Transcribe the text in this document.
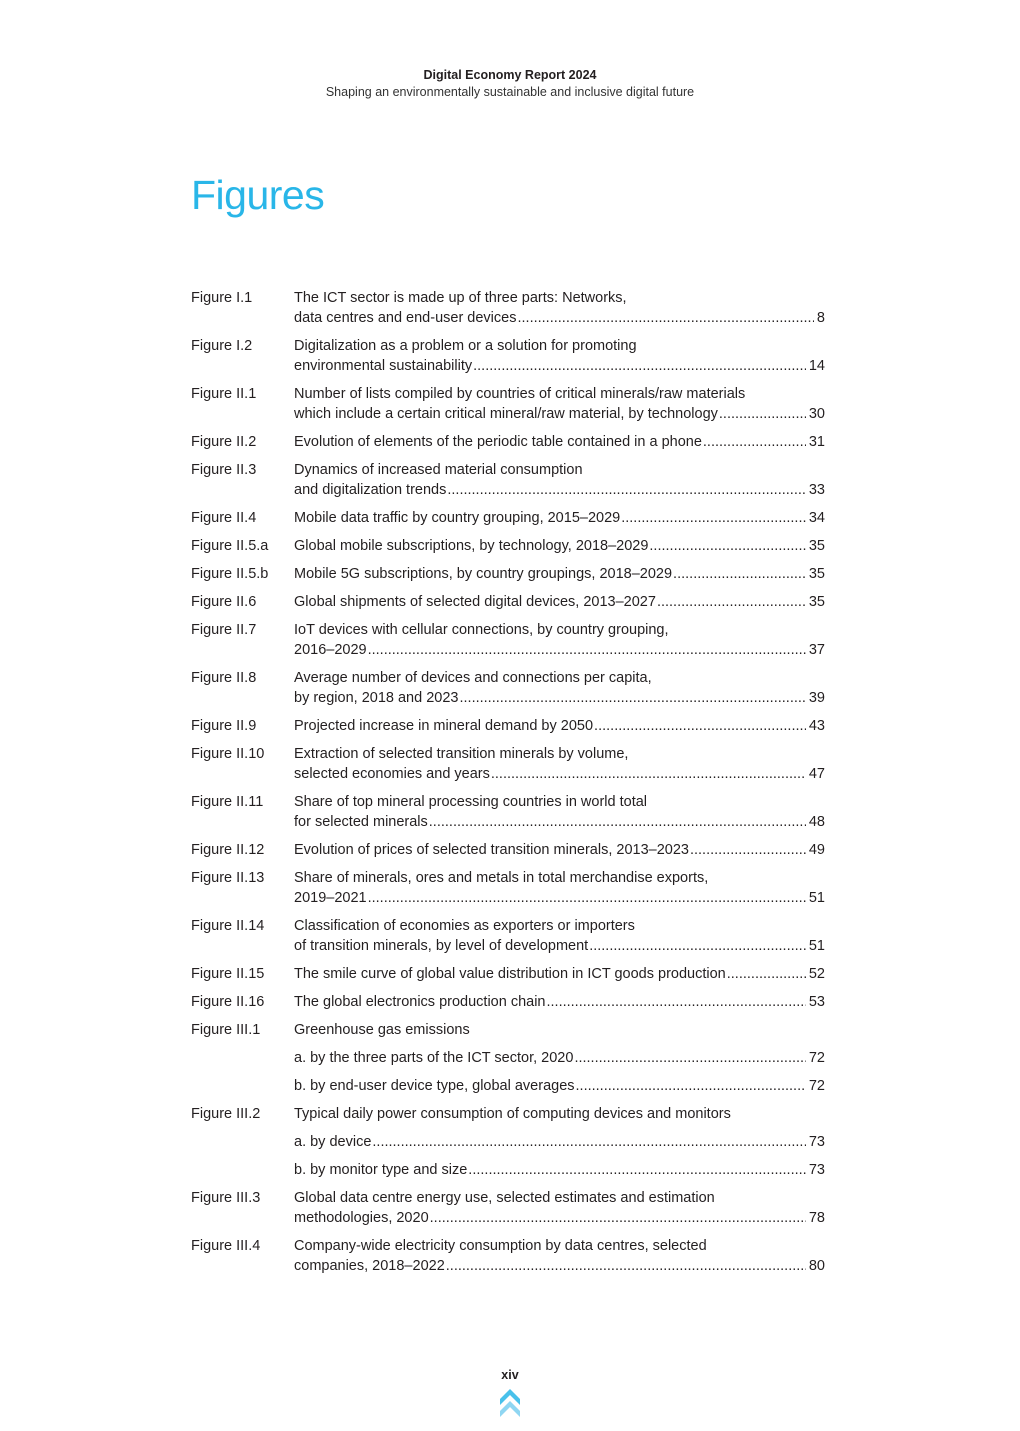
Digital Economy Report 2024
Shaping an environmentally sustainable and inclusive digital future
Figures
Figure I.1	The ICT sector is made up of three parts: Networks,
data centres and end-user devices .....	8
Figure I.2	Digitalization as a problem or a solution for promoting
environmental sustainability .....	14
Figure II.1	Number of lists compiled by countries of critical minerals/raw materials
which include a certain critical mineral/raw material, by technology .....	30
Figure II.2	Evolution of elements of the periodic table contained in a phone .....	31
Figure II.3	Dynamics of increased material consumption
and digitalization trends .....	33
Figure II.4	Mobile data traffic by country grouping, 2015–2029 .....	34
Figure II.5.a	Global mobile subscriptions, by technology, 2018–2029 .....	35
Figure II.5.b	Mobile 5G subscriptions, by country groupings, 2018–2029 .....	35
Figure II.6	Global shipments of selected digital devices, 2013–2027 .....	35
Figure II.7	IoT devices with cellular connections, by country grouping,
2016–2029 .....	37
Figure II.8	Average number of devices and connections per capita,
by region, 2018 and 2023 .....	39
Figure II.9	Projected increase in mineral demand by 2050 .....	43
Figure II.10	Extraction of selected transition minerals by volume,
selected economies and years .....	47
Figure II.11	Share of top mineral processing countries in world total
for selected minerals .....	48
Figure II.12	Evolution of prices of selected transition minerals, 2013–2023 .....	49
Figure II.13	Share of minerals, ores and metals in total merchandise exports,
2019–2021 .....	51
Figure II.14	Classification of economies as exporters or importers
of transition minerals, by level of development .....	51
Figure II.15	The smile curve of global value distribution in ICT goods production .....	52
Figure II.16	The global electronics production chain .....	53
Figure III.1	Greenhouse gas emissions
a. by the three parts of the ICT sector, 2020 .....	72
b. by end-user device type, global averages .....	72
Figure III.2	Typical daily power consumption of computing devices and monitors
a. by device .....	73
b. by monitor type and size .....	73
Figure III.3	Global data centre energy use, selected estimates and estimation
methodologies, 2020 .....	78
Figure III.4	Company-wide electricity consumption by data centres, selected
companies, 2018–2022 .....	80
xiv
